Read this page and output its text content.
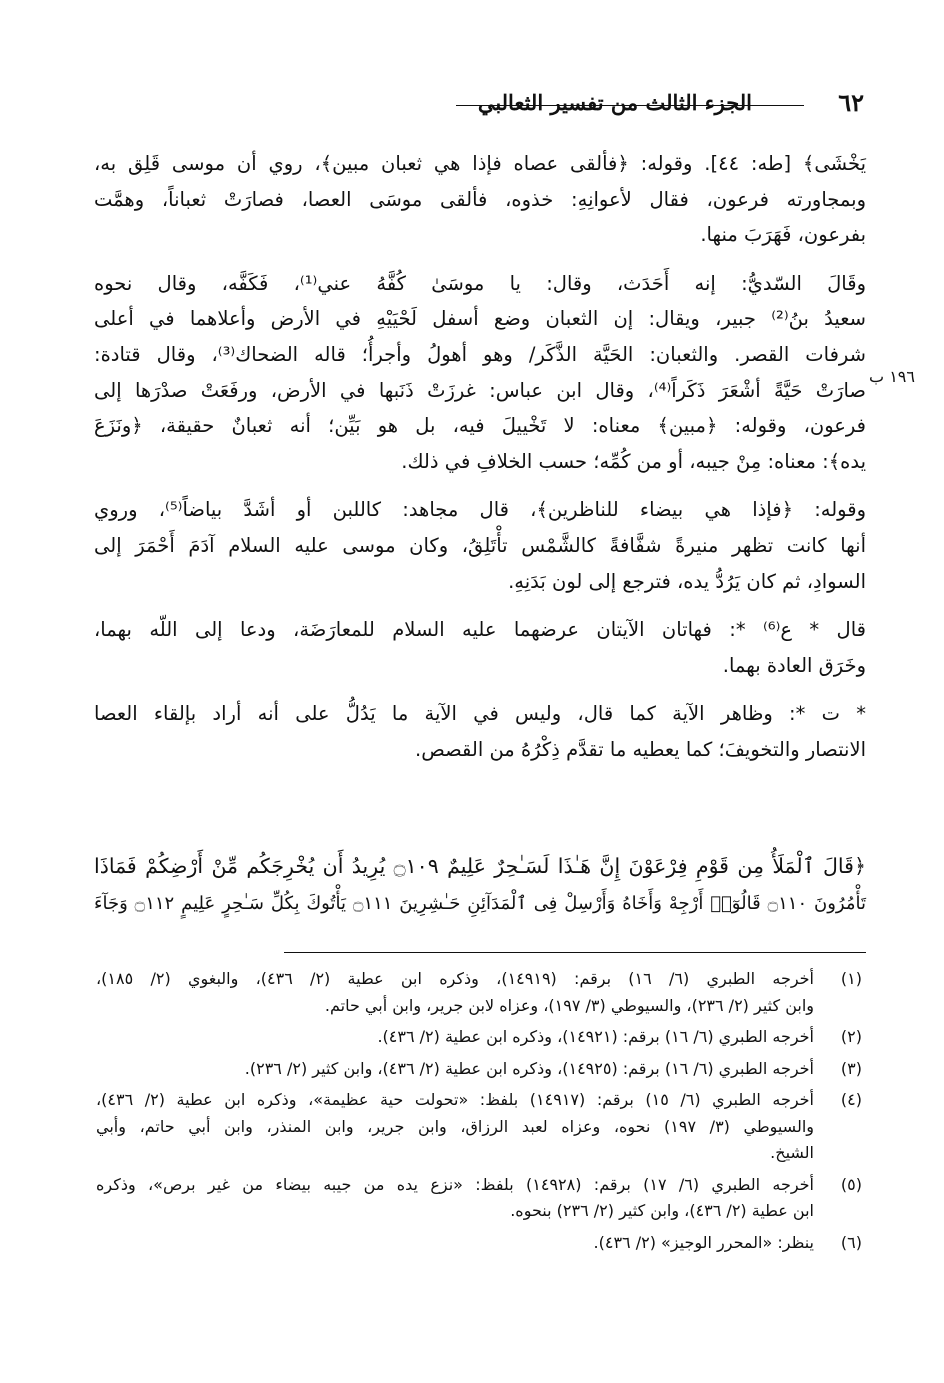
٦٢
الجزء الثالث من تفسير الثعالبي
١٩٦ ب

يَخْشَى﴾ [طه: ٤٤]. وقوله: ﴿فألقى عصاه فإذا هي ثعبان مبين﴾، روي أن موسى قَلِق به،
وبمجاورته فرعون، فقال لأعوانِهِ: خذوه، فألقى موسَى العصا، فصارَتْ ثعباناً، وهمَّت
بفرعون، فَهَرَبَ منها.

وقَالَ السّديُّ: إنه أَحَدَث، وقال: يا موسَىٰ كُفَّهُ عني⁽¹⁾، فَكَفَّه، وقال نحوه
سعيدُ بنُ⁽²⁾ جبير، ويقال: إن الثعبان وضع أسفل لَحْيَيْهِ في الأرض وأعلاهما في أعلى
شرفات القصر. والثعبان: الحَيَّة الذَّكَر/ وهو أهولُ وأجرأُ؛ قاله الضحاك⁽³⁾، وقال قتادة:
صارَتْ حَيَّةً أشْعَرَ ذَكَراً⁽⁴⁾، وقال ابن عباس: غرزَتْ ذَنَبها في الأرض، ورفَعَتْ صدْرَها إلى
فرعون، وقوله: ﴿مبين﴾ معناه: لا تَخْييلَ فيه، بل هو بَيِّن؛ أنه ثعبانٌ حقيقة، ﴿ونَزَعَ
يده﴾: معناه: مِنْ جيبه، أو من كُمِّه؛ حسب الخلافِ في ذلك.

وقوله: ﴿فإذا هي بيضاء للناظرين﴾، قال مجاهد: كاللبن أو أشَدَّ بياضاً⁽⁵⁾، وروي
أنها كانت تظهر منيرةً شفَّافةً كالشَّمْس تأْتَلِقُ، وكان موسى عليه السلام آدَمَ أَحْمَرَ إلى
السوادِ، ثم كان يَرُدُّ يده، فترجع إلى لون بَدَنِهِ.

قال * ع⁽⁶⁾ *: فهاتان الآيتان عرضهما عليه السلام للمعارَضَة، ودعا إلى اللّه بهما،
وخَرَق العادة بهما.

* ت *: وظاهر الآية كما قال، وليس في الآية ما يَدُلُّ على أنه أراد بإلقاء العصا
الانتصار والتخويفَ؛ كما يعطيه ما تقدَّم ذِكْرُهُ من القصص.

﴿قَالَ ٱلْمَلَأُ مِن قَوْمِ فِرْعَوْنَ إِنَّ هَـٰذَا لَسَـٰحِرٌ عَلِيمٌ ۝١٠٩ يُرِيدُ أَن يُخْرِجَكُم مِّنْ أَرْضِكُمْ فَمَاذَا
تَأْمُرُونَ ۝١١٠ قَالُوٓا۟ أَرْجِهْ وَأَخَاهُ وَأَرْسِلْ فِى ٱلْمَدَآئِنِ حَـٰشِرِينَ ۝١١١ يَأْتُوكَ بِكُلِّ سَـٰحِرٍ عَلِيمٍ ۝١١٢ وَجَآءَ
(١)
أخرجه الطبري (٦/ ١٦) برقم: (١٤٩١٩)، وذكره ابن عطية (٢/ ٤٣٦)، والبغوي (٢/ ١٨٥)،
وابن كثير (٢/ ٢٣٦)، والسيوطي (٣/ ١٩٧)، وعزاه لابن جرير، وابن أبي حاتم.
(٢)
أخرجه الطبري (٦/ ١٦) برقم: (١٤٩٢١)، وذكره ابن عطية (٢/ ٤٣٦).
(٣)
أخرجه الطبري (٦/ ١٦) برقم: (١٤٩٢٥)، وذكره ابن عطية (٢/ ٤٣٦)، وابن كثير (٢/ ٢٣٦).
(٤)
أخرجه الطبري (٦/ ١٥) برقم: (١٤٩١٧) بلفظ: «تحولت حية عظيمة»، وذكره ابن عطية (٢/ ٤٣٦)،
والسيوطي (٣/ ١٩٧) نحوه، وعزاه لعبد الرزاق، وابن جرير، وابن المنذر، وابن أبي حاتم، وأبي
الشيخ.
(٥)
أخرجه الطبري (٦/ ١٧) برقم: (١٤٩٢٨) بلفظ: «نزع يده من جيبه بيضاء من غير برص»، وذكره
ابن عطية (٢/ ٤٣٦)، وابن كثير (٢/ ٢٣٦) بنحوه.
(٦)
ينظر: «المحرر الوجيز» (٢/ ٤٣٦).
